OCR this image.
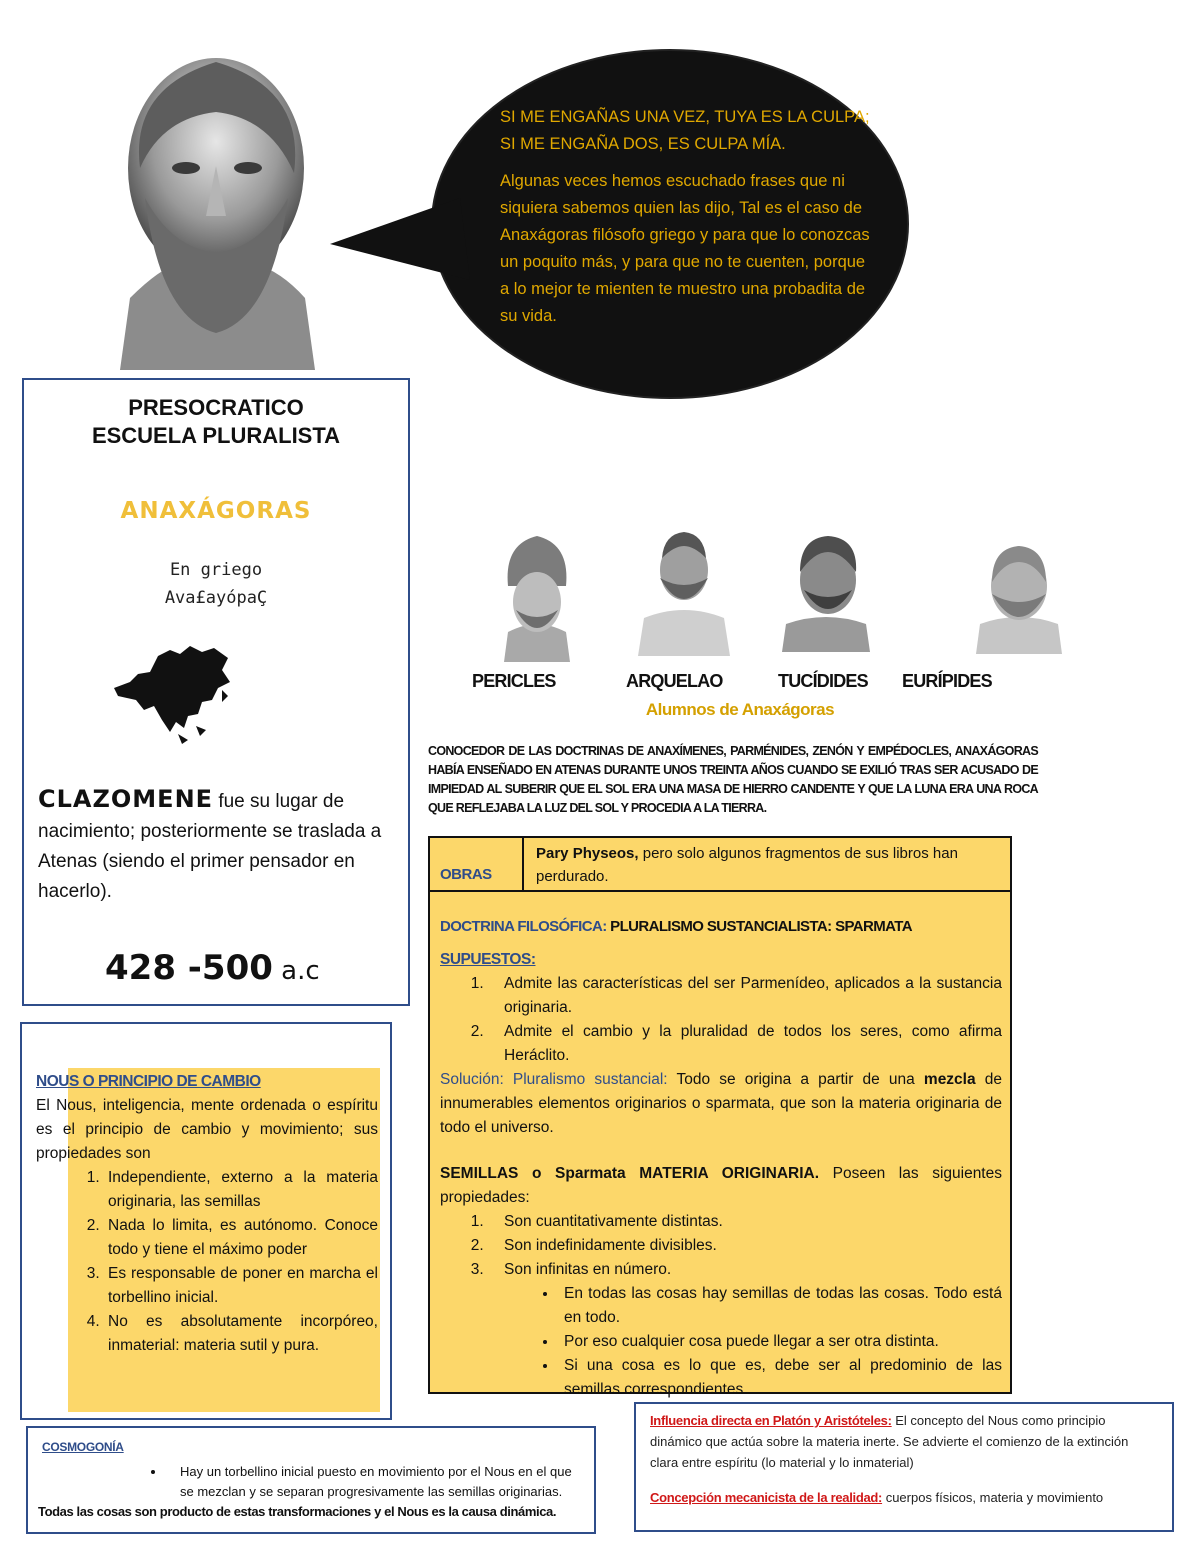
SI ME ENGAÑAS UNA VEZ, TUYA ES LA CULPA; SI ME ENGAÑA DOS, ES CULPA MÍA.
Algunas veces hemos escuchado frases que ni siquiera sabemos quien las dijo, Tal es el caso de Anaxágoras filósofo griego y para que lo conozcas un poquito más, y para que no te cuenten, porque a lo mejor te mienten te muestro una probadita de su vida.
PRESOCRATICO
ESCUELA PLURALISTA
ANAXÁGORAS
En griego
Ava£ayópaÇ
CLAZOMENE fue su lugar de nacimiento; posteriormente se traslada a Atenas (siendo el primer pensador en hacerlo).
428 -500 a.c
NOUS O PRINCIPIO DE CAMBIO
El Nous, inteligencia, mente ordenada o espíritu es el principio de cambio y movimiento; sus propiedades son
1. Independiente, externo a la materia originaria, las semillas
2. Nada lo limita, es autónomo. Conoce todo y tiene el máximo poder
3. Es responsable de poner en marcha el torbellino inicial.
4. No es absolutamente incorpóreo, inmaterial: materia sutil y pura.
COSMOGONÍA
• Hay un torbellino inicial puesto en movimiento por el Nous en el que se mezclan y se separan progresivamente las semillas originarias.
Todas las cosas son producto de estas transformaciones y el Nous es la causa dinámica.
Influencia directa en Platón y Aristóteles: El concepto del Nous como principio dinámico que actúa sobre la materia inerte. Se advierte el comienzo de la extinción clara entre espíritu (lo material y lo inmaterial)
Concepción mecanicista de la realidad: cuerpos físicos, materia y movimiento
PERICLES	ARQUELAO	TUCÍDIDES EURÍPIDES
Alumnos de Anaxágoras
CONOCEDOR DE LAS DOCTRINAS DE ANAXÍMENES, PARMÉNIDES, ZENÓN Y EMPÉDOCLES, ANAXÁGORAS HABÍA ENSEÑADO EN ATENAS DURANTE UNOS TREINTA AÑOS CUANDO SE EXILIÓ TRAS SER ACUSADO DE IMPIEDAD AL SUBERIR QUE EL SOL ERA UNA MASA DE HIERRO CANDENTE Y QUE LA LUNA ERA UNA ROCA QUE REFLEJABA LA LUZ DEL SOL Y PROCEDIA A LA TIERRA.
OBRAS
Pary Physeos, pero solo algunos fragmentos de sus libros han perdurado.
DOCTRINA FILOSÓFICA: PLURALISMO SUSTANCIALISTA: SPARMATA
SUPUESTOS:
1. Admite las características del ser Parmenídeo, aplicados a la sustancia originaria.
2. Admite el cambio y la pluralidad de todos los seres, como afirma Heráclito.
Solución: Pluralismo sustancial: Todo se origina a partir de una mezcla de innumerables elementos originarios o sparmata, que son la materia originaria de todo el universo.
SEMILLAS o Sparmata MATERIA ORIGINARIA. Poseen las siguientes propiedades:
1. Son cuantitativamente distintas.
2. Son indefinidamente divisibles.
3. Son infinitas en número.
• En todas las cosas hay semillas de todas las cosas. Todo está en todo.
• Por eso cualquier cosa puede llegar a ser otra distinta.
• Si una cosa es lo que es, debe ser al predominio de las semillas correspondientes.
